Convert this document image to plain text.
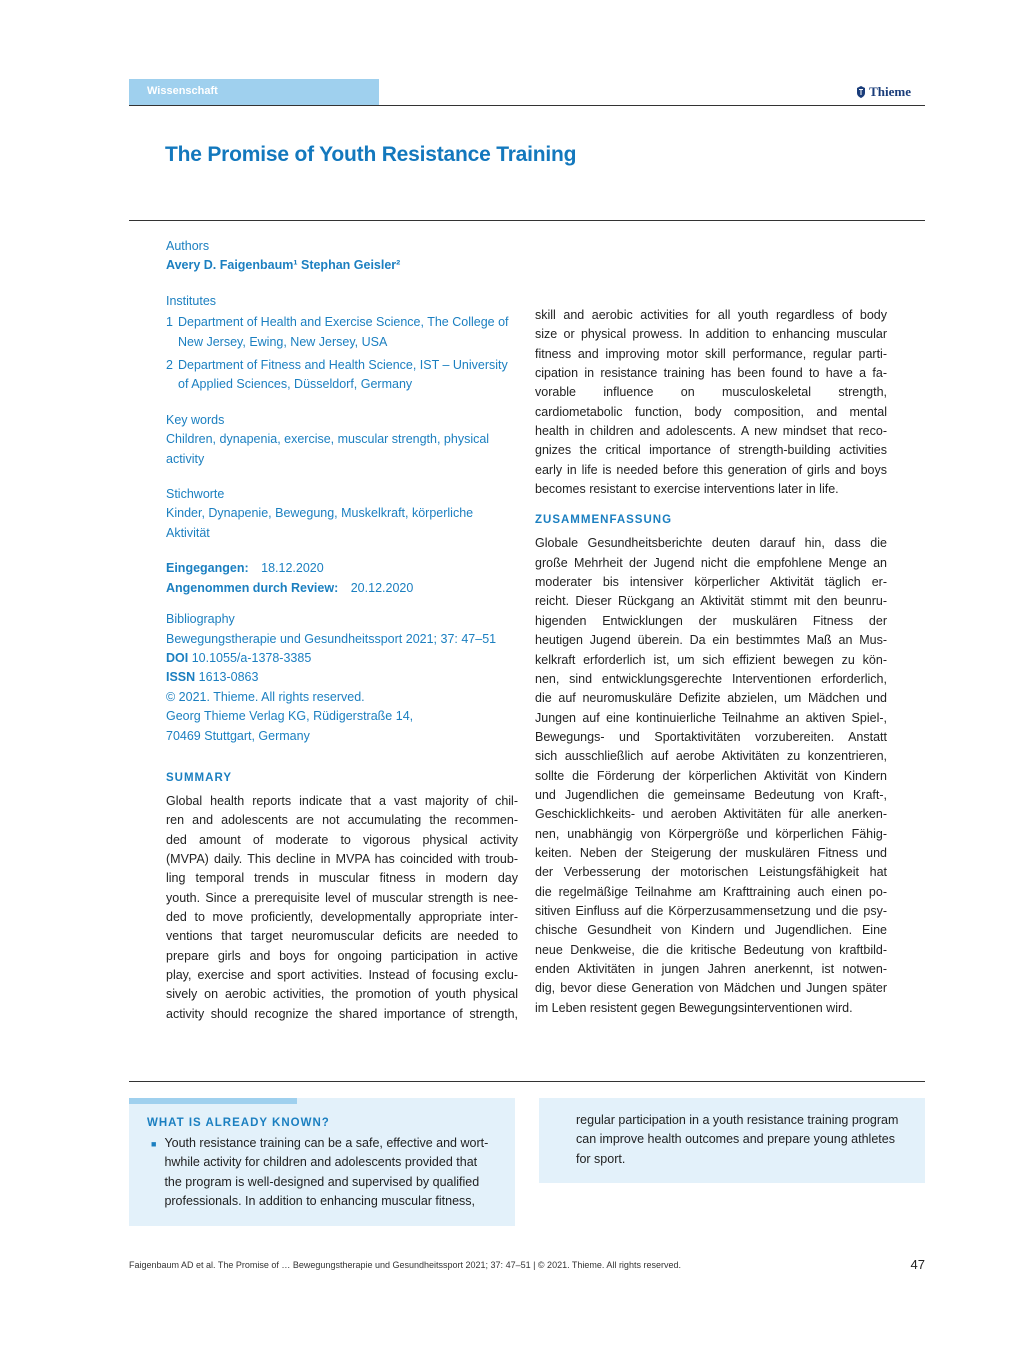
Wissenschaft	Thieme
The Promise of Youth Resistance Training
Authors
Avery D. Faigenbaum¹ Stephan Geisler²
Institutes
1 Department of Health and Exercise Science, The College of
New Jersey, Ewing, New Jersey, USA
2 Department of Fitness and Health Science, IST – University
of Applied Sciences, Düsseldorf, Germany
Key words
Children, dynapenia, exercise, muscular strength, physical
activity
Stichworte
Kinder, Dynapenie, Bewegung, Muskelkraft, körperliche
Aktivität
Eingegangen: 18.12.2020
Angenommen durch Review: 20.12.2020
Bibliography
Bewegungstherapie und Gesundheitssport 2021; 37: 47–51
DOI 10.1055/a-1378-3385
ISSN 1613-0863
© 2021. Thieme. All rights reserved.
Georg Thieme Verlag KG, Rüdigerstraße 14,
70469 Stuttgart, Germany
SUMMARY
Global health reports indicate that a vast majority of chil-
ren and adolescents are not accumulating the recommen-
ded amount of moderate to vigorous physical activity
(MVPA) daily. This decline in MVPA has coincided with troub-
ling temporal trends in muscular fitness in modern day
youth. Since a prerequisite level of muscular strength is nee-
ded to move proficiently, developmentally appropriate inter-
ventions that target neuromuscular deficits are needed to
prepare girls and boys for ongoing participation in active
play, exercise and sport activities. Instead of focusing exclu-
sively on aerobic activities, the promotion of youth physical
activity should recognize the shared importance of strength,
skill and aerobic activities for all youth regardless of body
size or physical prowess. In addition to enhancing muscular
fitness and improving motor skill performance, regular parti-
cipation in resistance training has been found to have a fa-
vorable influence on musculoskeletal strength,
cardiometabolic function, body composition, and mental
health in children and adolescents. A new mindset that reco-
gnizes the critical importance of strength-building activities
early in life is needed before this generation of girls and boys
becomes resistant to exercise interventions later in life.
ZUSAMMENFASSUNG
Globale Gesundheitsberichte deuten darauf hin, dass die
große Mehrheit der Jugend nicht die empfohlene Menge an
moderater bis intensiver körperlicher Aktivität täglich er-
reicht. Dieser Rückgang an Aktivität stimmt mit den beunru-
higenden Entwicklungen der muskulären Fitness der
heutigen Jugend überein. Da ein bestimmtes Maß an Mus-
kelkraft erforderlich ist, um sich effizient bewegen zu kön-
nen, sind entwicklungsgerechte Interventionen erforderlich,
die auf neuromuskuläre Defizite abzielen, um Mädchen und
Jungen auf eine kontinuierliche Teilnahme an aktiven Spiel-,
Bewegungs- und Sportaktivitäten vorzubereiten. Anstatt
sich ausschließlich auf aerobe Aktivitäten zu konzentrieren,
sollte die Förderung der körperlichen Aktivität von Kindern
und Jugendlichen die gemeinsame Bedeutung von Kraft-,
Geschicklichkeits- und aeroben Aktivitäten für alle anerken-
nen, unabhängig von Körpergröße und körperlichen Fähig-
keiten. Neben der Steigerung der muskulären Fitness und
der Verbesserung der motorischen Leistungsfähigkeit hat
die regelmäßige Teilnahme am Krafttraining auch einen po-
sitiven Einfluss auf die Körperzusammensetzung und die psy-
chische Gesundheit von Kindern und Jugendlichen. Eine
neue Denkweise, die die kritische Bedeutung von kraftbild-
enden Aktivitäten in jungen Jahren anerkennt, ist notwen-
dig, bevor diese Generation von Mädchen und Jungen später
im Leben resistent gegen Bewegungsinterventionen wird.
WHAT IS ALREADY KNOWN?
■ Youth resistance training can be a safe, effective and wort-
hwhile activity for children and adolescents provided that
the program is well-designed and supervised by qualified
professionals. In addition to enhancing muscular fitness,
regular participation in a youth resistance training program
can improve health outcomes and prepare young athletes
for sport.
Faigenbaum AD et al. The Promise of … Bewegungstherapie und Gesundheitssport 2021; 37: 47–51 | © 2021. Thieme. All rights reserved.	47
